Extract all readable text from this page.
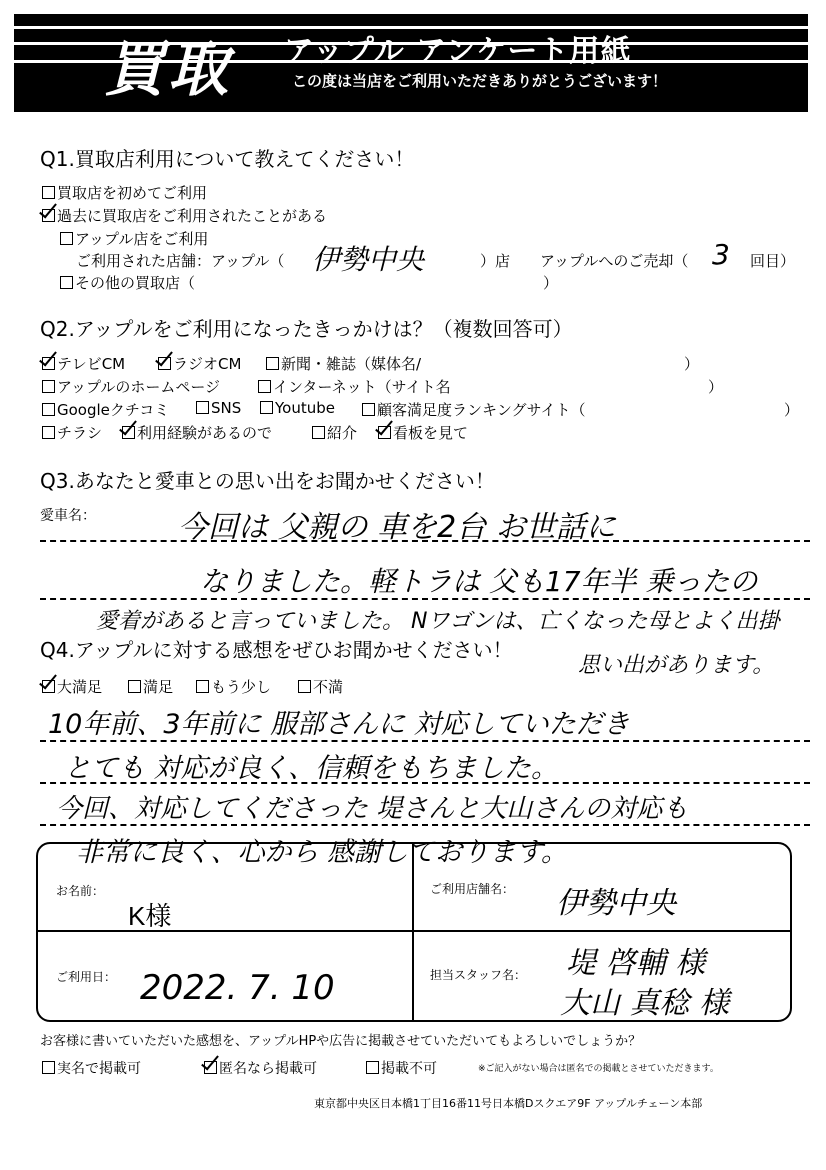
買取 アップル アンケート用紙
この度は当店をご利用いただきありがとうございます！
Q1.買取店利用について教えてください！
買取店を初めてご利用
過去に買取店をご利用されたことがある
アップル店をご利用
ご利用された店舗：アップル（ 伊勢中央	）店 アップルへのご売却（ 3 回目）
その他の買取店（	）
Q2.アップルをご利用になったきっかけは？（複数回答可）
テレビCM	ラジオCM	新聞・雑誌（媒体名/	）
アップルのホームページ	インターネット（サイト名	）
Googleクチコミ	SNS	Youtube	顧客満足度ランキングサイト（	）
チラシ	利用経験があるので	紹介	看板を見て
Q3.あなたと愛車との思い出をお聞かせください！
愛車名：	今回は 父親の 車を2台 お世話に
なりました。軽トラは 父も17年半 乗ったの
愛着があると言っていました。 Nワゴンは、亡くなった母とよく出掛
思い出があります。
Q4.アップルに対する感想をぜひお聞かせください！
大満足	満足	もう少し	不満
10年前、3年前に 服部さんに 対応していただき
とても 対応が良く、信頼をもちました。
今回、対応してくださった 堤さんと大山さんの対応も
非常に良く、心から 感謝しております。
お名前：
K様
ご利用店舗名： 伊勢中央
ご利用日： 2022. 7. 10	担当スタッフ名： 堤 啓輔 様
大山 真稔 様
お客様に書いていただいた感想を、アップルHPや広告に掲載させていただいてもよろしいでしょうか？
実名で掲載可	匿名なら掲載可	掲載不可	※ご記入がない場合は匿名での掲載とさせていただきます。
東京都中央区日本橋1丁目16番11号日本橋Dスクエア9F アップルチェーン本部
